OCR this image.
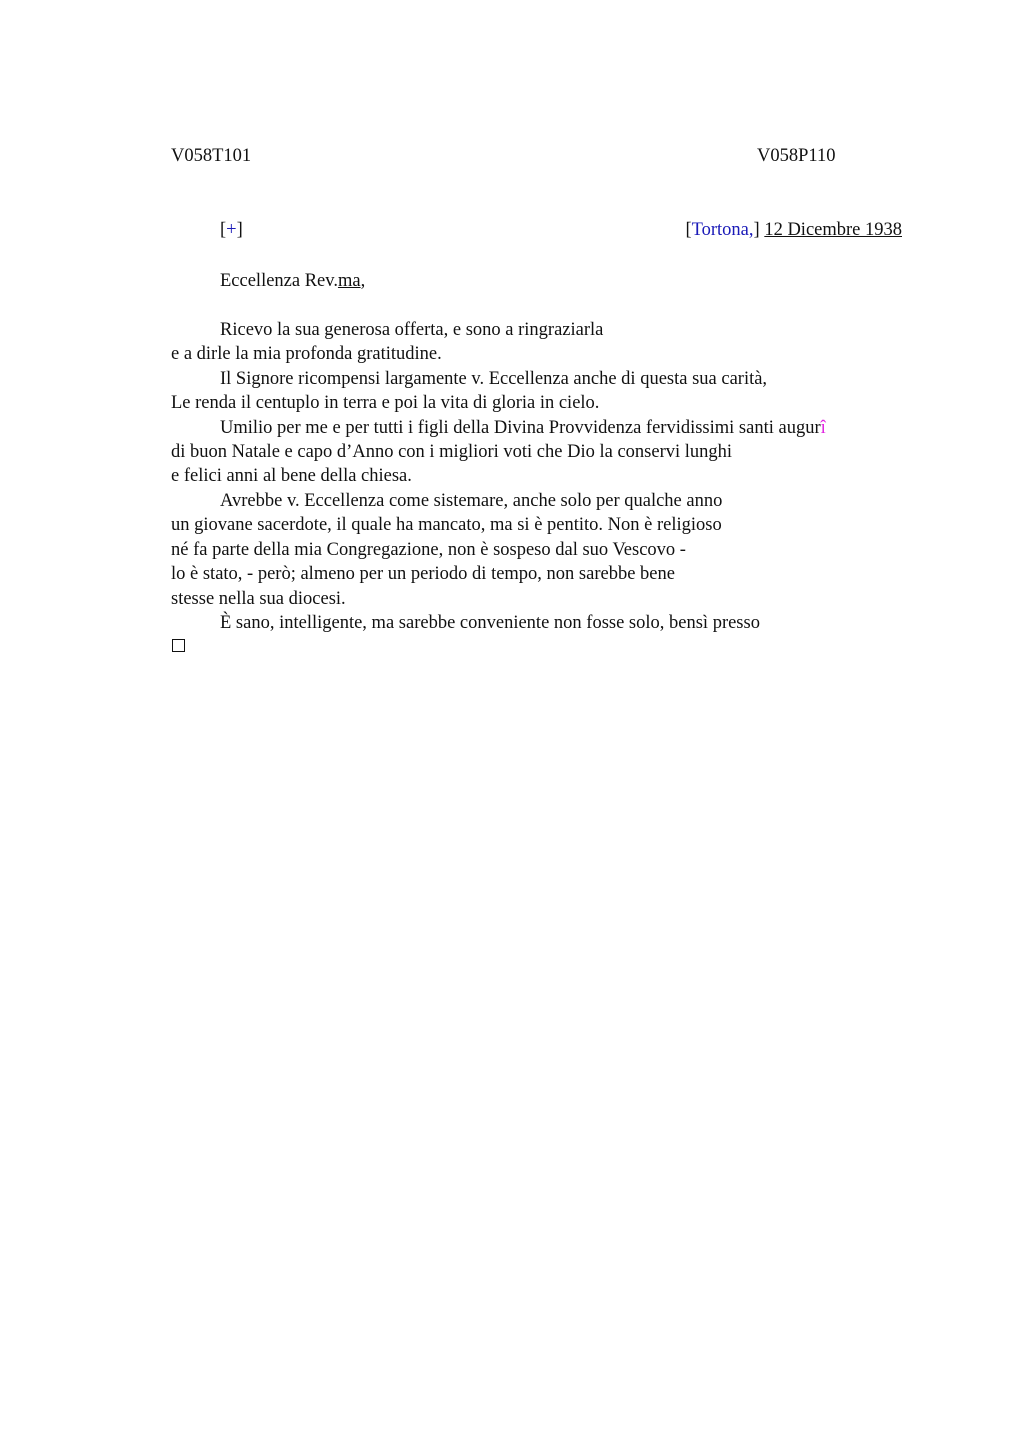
V058T101	V058P110
[+]	[Tortona,] 12 Dicembre 1938
Eccellenza Rev.ma,
Ricevo la sua generosa offerta, e sono a ringraziarla
e a dirle la mia profonda gratitudine.
Il Signore ricompensi largamente v. Eccellenza anche di questa sua carità,
Le renda il centuplo in terra e poi la vita di gloria in cielo.
Umilio per me e per tutti i figli della Divina Provvidenza fervidissimi santi augurî
di buon Natale e capo d’Anno con i migliori voti che Dio la conservi lunghi
e felici anni al bene della chiesa.
Avrebbe v. Eccellenza come sistemare, anche solo per qualche anno
un giovane sacerdote, il quale ha mancato, ma si è pentito. Non è religioso
né fa parte della mia Congregazione, non è sospeso dal suo Vescovo -
lo è stato, - però; almeno per un periodo di tempo, non sarebbe bene
stesse nella sua diocesi.
È sano, intelligente, ma sarebbe conveniente non fosse solo, bensì presso
